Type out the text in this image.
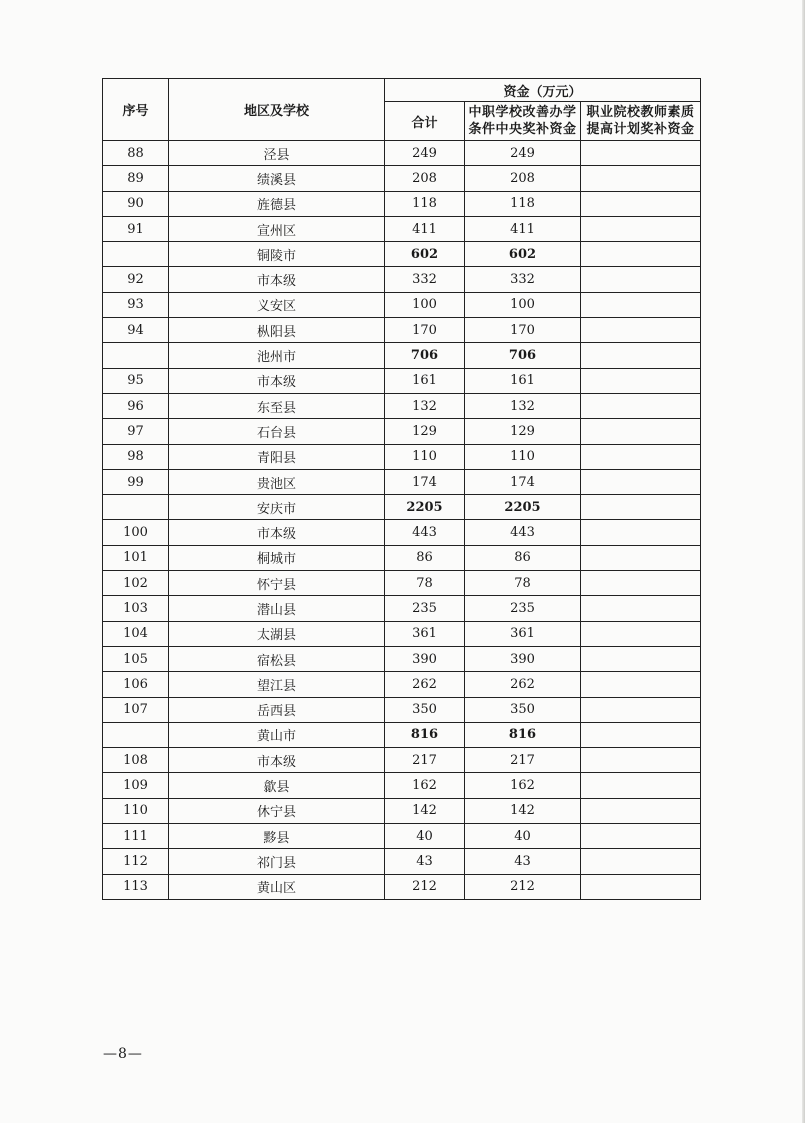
序号	地区及学校	资金（万元）		
		合计	中职学校改善办学条件中央奖补资金	职业院校教师素质提高计划奖补资金
88	泾县	249	249	
89	绩溪县	208	208	
90	旌德县	118	118	
91	宣州区	411	411	
	铜陵市	602	602	
92	市本级	332	332	
93	义安区	100	100	
94	枞阳县	170	170	
	池州市	706	706	
95	市本级	161	161	
96	东至县	132	132	
97	石台县	129	129	
98	青阳县	110	110	
99	贵池区	174	174	
	安庆市	2205	2205	
100	市本级	443	443	
101	桐城市	86	86	
102	怀宁县	78	78	
103	潜山县	235	235	
104	太湖县	361	361	
105	宿松县	390	390	
106	望江县	262	262	
107	岳西县	350	350	
	黄山市	816	816	
108	市本级	217	217	
109	歙县	162	162	
110	休宁县	142	142	
111	黟县	40	40	
112	祁门县	43	43	
113	黄山区	212	212	
—8—
